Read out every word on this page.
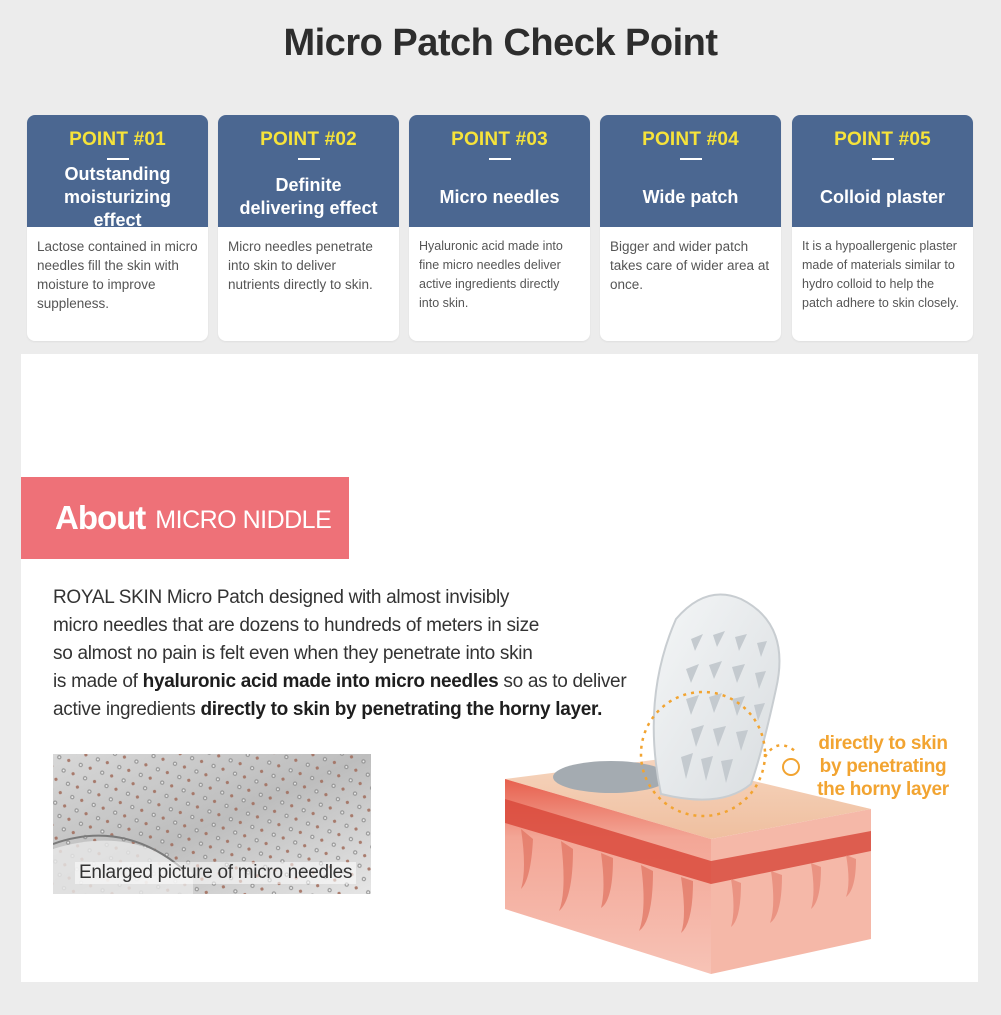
Micro Patch Check Point
POINT #01
Outstanding moisturizing effect
Lactose contained in micro needles fill the skin with moisture to improve suppleness.
POINT #02
Definite delivering effect
Micro needles penetrate into skin to deliver nutrients directly to skin.
POINT #03
Micro needles
Hyaluronic acid made into fine micro needles deliver active ingredients directly into skin.
POINT #04
Wide patch
Bigger and wider patch takes care of wider area at once.
POINT #05
Colloid plaster
It is a hypoallergenic plaster made of materials similar to hydro colloid to help the patch adhere to skin closely.
About MICRO NIDDLE
ROYAL SKIN Micro Patch designed with almost invisibly
micro needles that are dozens to hundreds of meters in size
so almost no pain is felt even when they penetrate into skin
is made of hyaluronic acid made into micro needles so as to deliver
active ingredients directly to skin by penetrating the horny layer.
Enlarged picture of micro needles
directly to skin
by penetrating
the horny layer
